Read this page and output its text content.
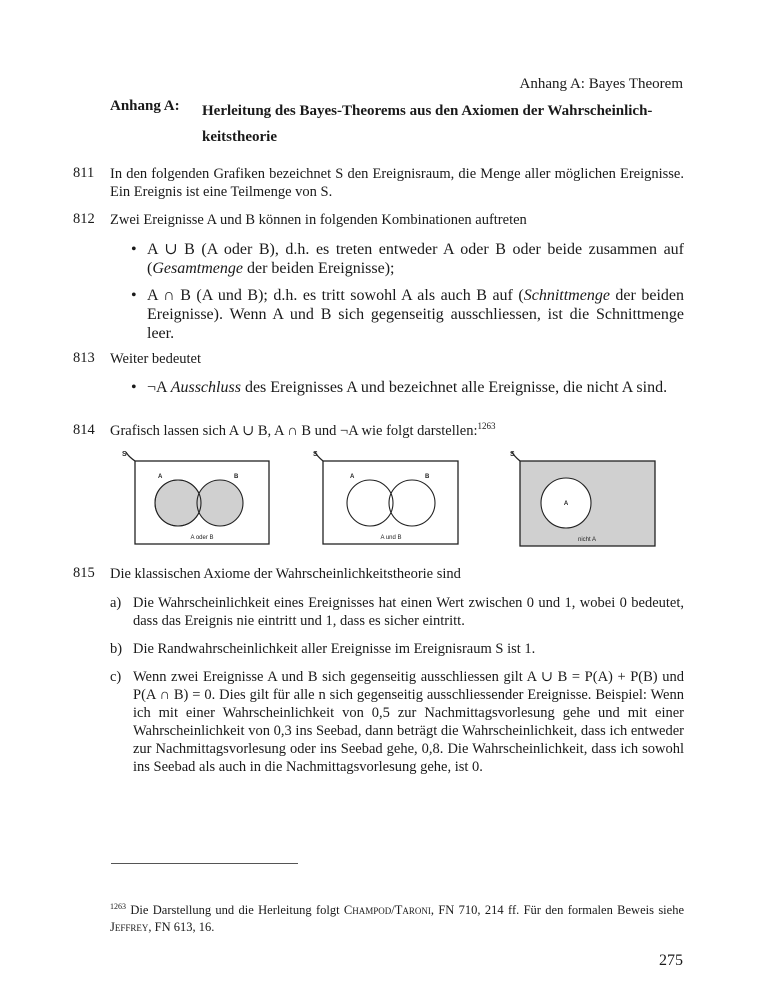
Anhang A: Bayes Theorem
Anhang A: Herleitung des Bayes-Theorems aus den Axiomen der Wahrscheinlich-keitstheorie
811 In den folgenden Grafiken bezeichnet S den Ereignisraum, die Menge aller möglichen Ereignisse. Ein Ereignis ist eine Teilmenge von S.
812 Zwei Ereignisse A und B können in folgenden Kombinationen auftreten
• A ∪ B (A oder B), d.h. es treten entweder A oder B oder beide zusammen auf (Gesamtmenge der beiden Ereignisse);
• A ∩ B (A und B); d.h. es tritt sowohl A als auch B auf (Schnittmenge der beiden Ereignisse). Wenn A und B sich gegenseitig ausschliessen, ist die Schnittmenge leer.
813 Weiter bedeutet
• ¬A Ausschluss des Ereignisses A und bezeichnet alle Ereignisse, die nicht A sind.
814 Grafisch lassen sich A ∪ B, A ∩ B und ¬A wie folgt darstellen:$^{1263}$
S
A	B
A oder B
S
A	B
A und B
S
A
nicht A
815 Die klassischen Axiome der Wahrscheinlichkeitstheorie sind
a) Die Wahrscheinlichkeit eines Ereignisses hat einen Wert zwischen 0 und 1, wobei 0 bedeutet, dass das Ereignis nie eintritt und 1, dass es sicher eintritt.
b) Die Randwahrscheinlichkeit aller Ereignisse im Ereignisraum S ist 1.
c) Wenn zwei Ereignisse A und B sich gegenseitig ausschliessen gilt A ∪ B = P(A) + P(B) und P(A ∩ B) = 0. Dies gilt für alle n sich gegenseitig ausschliessender Ereignisse. Beispiel: Wenn ich mit einer Wahrscheinlichkeit von 0,5 zur Nachmittagsvorlesung gehe und mit einer Wahrscheinlichkeit von 0,3 ins Seebad, dann beträgt die Wahrscheinlichkeit, dass ich entweder zur Nachmittagsvorlesung oder ins Seebad gehe, 0,8. Die Wahrscheinlichkeit, dass ich sowohl ins Seebad als auch in die Nachmittagsvorlesung gehe, ist 0.
$^{1263}$ Die Darstellung und die Herleitung folgt Champod/Taroni, FN 710, 214 ff. Für den formalen Beweis siehe Jeffrey, FN 613, 16.
275
